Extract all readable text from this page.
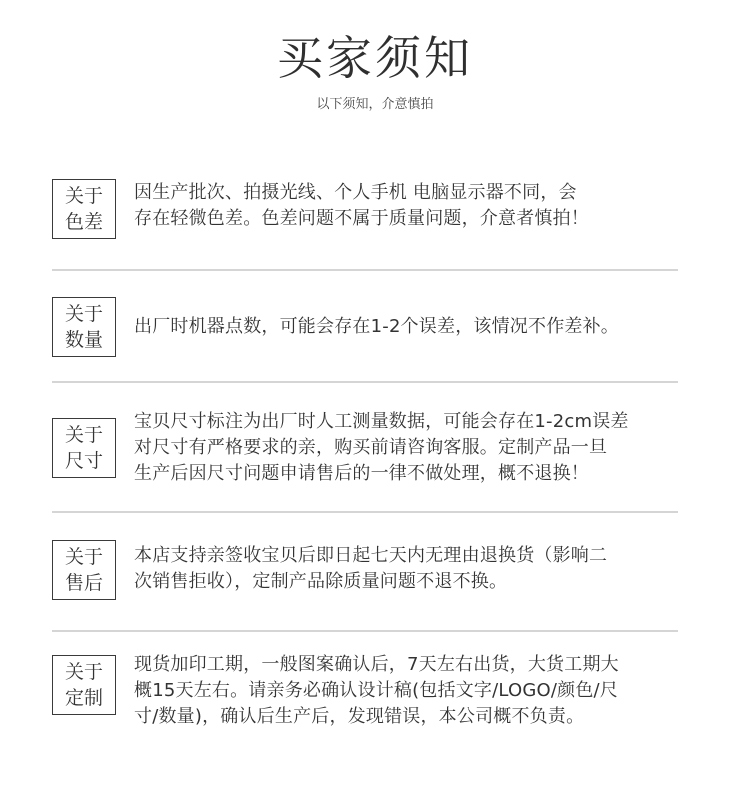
买家须知
以下须知，介意慎拍
关于
色差
因生产批次、拍摄光线、个人手机 电脑显示器不同，会
存在轻微色差。色差问题不属于质量问题，介意者慎拍！
关于
数量
出厂时机器点数，可能会存在1-2个误差，该情况不作差补。
关于
尺寸
宝贝尺寸标注为出厂时人工测量数据，可能会存在1-2cm误差
对尺寸有严格要求的亲，购买前请咨询客服。定制产品一旦
生产后因尺寸问题申请售后的一律不做处理，概不退换！
关于
售后
本店支持亲签收宝贝后即日起七天内无理由退换货（影响二
次销售拒收），定制产品除质量问题不退不换。
关于
定制
现货加印工期，一般图案确认后，7天左右出货，大货工期大
概15天左右。请亲务必确认设计稿(包括文字/LOGO/颜色/尺
寸/数量)，确认后生产后，发现错误，本公司概不负责。
